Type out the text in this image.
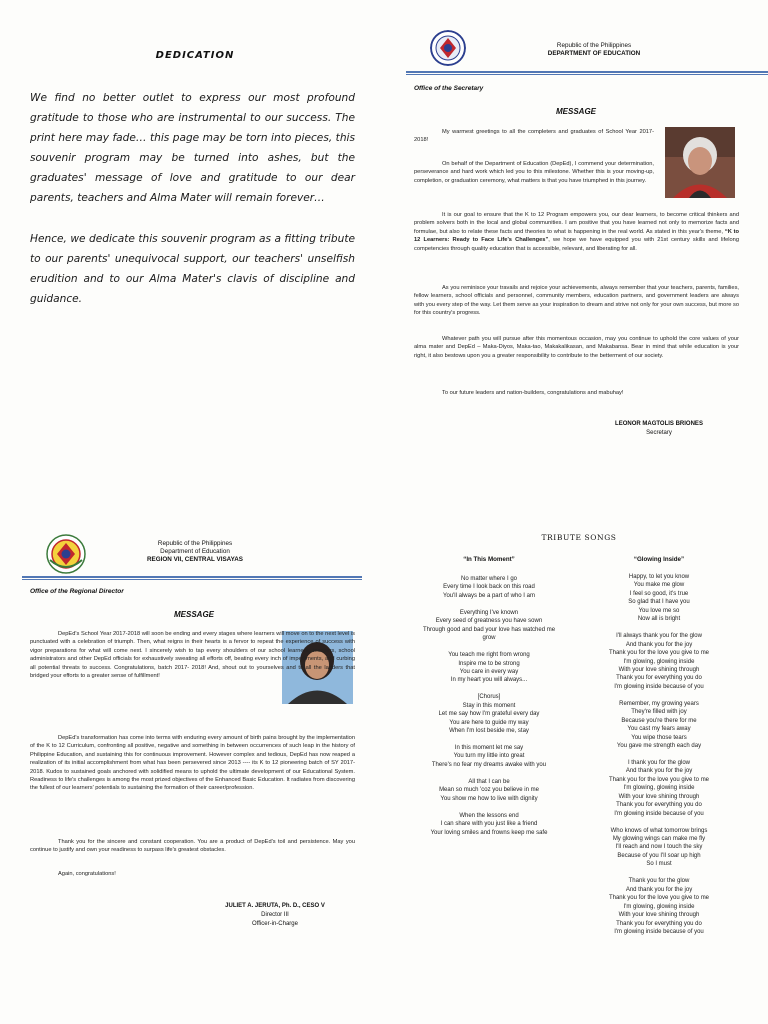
DEDICATION

We find no better outlet to express our most profound gratitude to those who are instrumental to our success. The print here may fade… this page may be torn into pieces, this souvenir program may be turned into ashes, but the graduates' message of love and gratitude to our dear parents, teachers and Alma Mater will remain forever…

Hence, we dedicate this souvenir program as a fitting tribute to our parents' unequivocal support, our teachers' unselfish erudition and to our Alma Mater's clavis of discipline and guidance.

Republic of the Philippines
DEPARTMENT OF EDUCATION
Office of the Secretary
MESSAGE

My warmest greetings to all the completers and graduates of School Year 2017-2018!

On behalf of the Department of Education (DepEd), I commend your determination, perseverance and hard work which led you to this milestone. Whether this is your moving-up, completion, or graduation ceremony, what matters is that you have triumphed in this journey.

It is our goal to ensure that the K to 12 Program empowers you, our dear learners, to become critical thinkers and problem solvers both in the local and global communities. I am positive that you have learned not only to memorize facts and formulae, but also to relate these facts and theories to what is happening in the real world. As stated in this year's theme, “K to 12 Learners: Ready to Face Life's Challenges”, we hope we have equipped you with 21st century skills and lifelong competencies through quality education that is accessible, relevant, and liberating for all.

As you reminisce your travails and rejoice your achievements, always remember that your teachers, parents, families, fellow learners, school officials and personnel, community members, education partners, and government leaders are always with you every step of the way. Let them serve as your inspiration to dream and strive not only for your own success, but more so for this country's progress.

Whatever path you will pursue after this momentous occasion, may you continue to uphold the core values of your alma mater and DepEd – Maka-Diyos, Maka-tao, Makakalikasan, and Makabansa. Bear in mind that while education is your right, it also bestows upon you a greater responsibility to contribute to the betterment of our society.

To our future leaders and nation-builders, congratulations and mabuhay!

LEONOR MAGTOLIS BRIONES
Secretary
Republic of the Philippines
Department of Education
REGION VII, CENTRAL VISAYAS
Office of the Regional Director
MESSAGE

DepEd's School Year 2017-2018 will soon be ending and every stages where learners will move on to the next level is punctuated with a celebration of triumph. Then, what reigns in their hearts is a fervor to repeat the experience of success with vigor preparations for what will come next. I sincerely wish to tap every shoulders of our school learners, teachers, school administrators and other DepEd officials for exhaustively sweating all efforts off, beating every inch of impediments, and curbing all potential threats to success. Congratulations, batch 2017- 2018! And, shout out to yourselves and to all the ladders that bridged your efforts to a greater sense of fulfillment!

DepEd's transformation has come into terms with enduring every amount of birth pains brought by the implementation of the K to 12 Curriculum, confronting all positive, negative and something in between occurrences of such leap in the history of Philippine Education, and sustaining this for continuous improvement. However complex and tedious, DepEd has now reaped a realization of its initial accomplishment from what has been persevered since 2013 ---- its K to 12 pioneering batch of SY 2017-2018. Kudos to sustained goals anchored with solidified means to uphold the ultimate development of our Educational System. Readiness to life's challenges is among the most prized objectives of the Enhanced Basic Education. It radiates from discovering the fullest of our learners' potentials to sustaining the formation of their career/profession.

Thank you for the sincere and constant cooperation. You are a product of DepEd's toil and persistence. May you continue to justify and own your readiness to surpass life's greatest obstacles.

Again, congratulations!

JULIET A. JERUTA, Ph. D., CESO V
Director III
Officer-in-Charge
TRIBUTE SONGS
“In This Moment”	“Glowing Inside”
No matter where I go
Every time I look back on this road
You'll always be a part of who I am
Everything I've known
Every seed of greatness you have sown
Through good and bad your love has watched me
grow
You teach me right from wrong
Inspire me to be strong
You care in every way
In my heart you will always...
[Chorus]
Stay in this moment
Let me say how I'm grateful every day
You are here to guide my way
When I'm lost beside me, stay
In this moment let me say
You turn my little into great
There's no fear my dreams awake with you
All that I can be
Mean so much 'coz you believe in me
You show me how to live with dignity
When the lessons end
I can share with you just like a friend
Your loving smiles and frowns keep me safe
Happy, to let you know
You make me glow
I feel so good, it's true
So glad that I have you
You love me so
Now all is bright
I'll always thank you for the glow
And thank you for the joy
Thank you for the love you give to me
I'm glowing, glowing inside
With your love shining through
Thank you for everything you do
I'm glowing inside because of you
Remember, my growing years
They're filled with joy
Because you're there for me
You cast my fears away
You wipe those tears
You gave me strength each day
I thank you for the glow
And thank you for the joy
Thank you for the love you give to me
I'm glowing, glowing inside
With your love shining through
Thank you for everything you do
I'm glowing inside because of you
Who knows of what tomorrow brings
My glowing wings can make me fly
I'll reach and now I touch the sky
Because of you I'll soar up high
So I must
Thank you for the glow
And thank you for the joy
Thank you for the love you give to me
I'm glowing, glowing inside
With your love shining through
Thank you for everything you do
I'm glowing inside because of you
